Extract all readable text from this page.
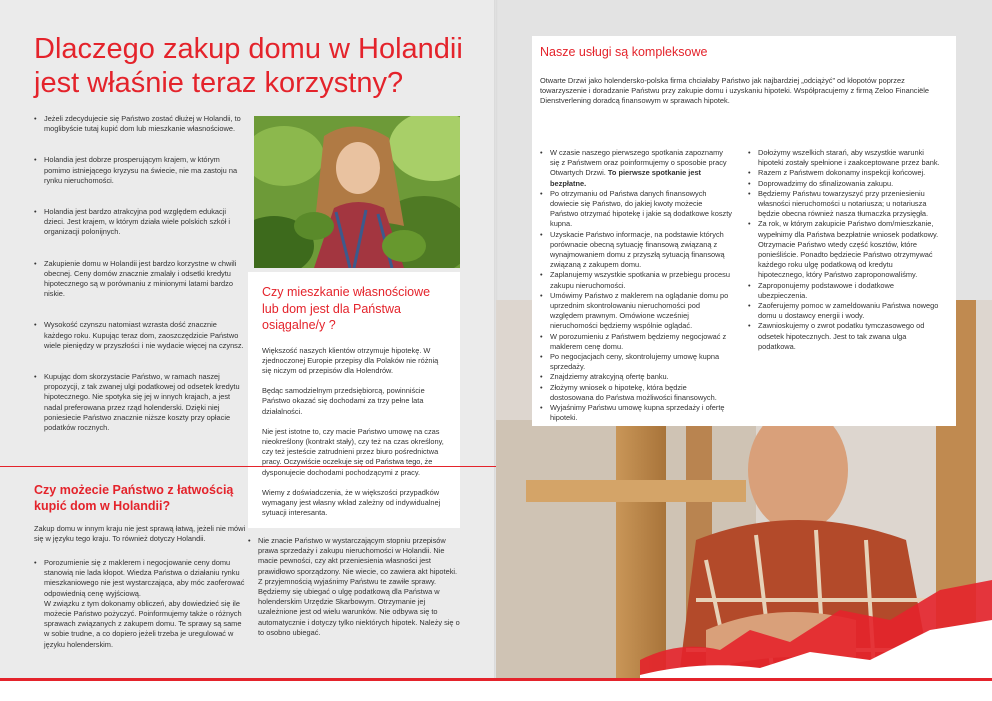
Dlaczego zakup domu w Holandii jest właśnie teraz korzystny?
• Jeżeli zdecydujecie się Państwo zostać dłużej w Holandii, to moglibyście tutaj kupić dom lub mieszkanie własnościowe.
• Holandia jest dobrze prosperującym krajem, w którym pomimo istniejącego kryzysu na świecie, nie ma zastoju na rynku nieruchomości.
• Holandia jest bardzo atrakcyjna pod względem edukacji dzieci. Jest krajem, w którym działa wiele polskich szkół i organizacji polonijnych.
• Zakupienie domu w Holandii jest bardzo korzystne w chwili obecnej. Ceny domów znacznie zmalały i odsetki kredytu hipotecznego są w porównaniu z minionymi latami bardzo niskie.
• Wysokość czynszu natomiast wzrasta dość znacznie każdego roku. Kupując teraz dom, zaoszczędzicie Państwo wiele pieniędzy w przyszłości i nie wydacie więcej na czynsz.
• Kupując dom skorzystacie Państwo, w ramach naszej propozycji, z tak zwanej ulgi podatkowej od odsetek kredytu hipotecznego. Nie spotyka się jej w innych krajach, a jest nadal preferowana przez rząd holenderski. Dzięki niej poniesiecie Państwo znacznie niższe koszty przy opłacie podatków rocznych.
Czy mieszkanie własnościowe lub dom jest dla Państwa osiągalne/y ?

Większość naszych klientów otrzymuje hipotekę. W zjednoczonej Europie przepisy dla Polaków nie różnią się niczym od przepisów dla Holendrów.

Będąc samodzielnym przedsiębiorcą, powinniście Państwo okazać się dochodami za trzy pełne lata działalności.

Nie jest istotne to, czy macie Państwo umowę na czas nieokreślony (kontrakt stały), czy też na czas określony, czy też jesteście zatrudnieni przez biuro pośrednictwa pracy. Oczywiście oczekuje się od Państwa tego, że dysponujecie dochodami pochodzącymi z pracy.

Wiemy z doświadczenia, że w większości przypadków wymagany jest własny wkład zależny od indywidualnej sytuacji interesanta.

Czy możecie Państwo z łatwością kupić dom w Holandii?

Zakup domu w innym kraju nie jest sprawą łatwą, jeżeli nie mówi się w języku tego kraju. To również dotyczy Holandii.

• Porozumienie się z maklerem i negocjowanie ceny domu stanowią nie lada kłopot. Wiedza Państwa o działaniu rynku mieszkaniowego nie jest wystarczająca, aby móc zaoferować odpowiednią cenę wyjściową.
W związku z tym dokonamy obliczeń, aby dowiedzieć się ile możecie Państwo pożyczyć. Poinformujemy także o różnych sprawach związanych z zakupem domu. Te sprawy są same w sobie trudne, a co dopiero jeżeli trzeba je uregulować w języku holenderskim.
• Nie znacie Państwo w wystarczającym stopniu przepisów prawa sprzedaży i zakupu nieruchomości w Holandii. Nie macie pewności, czy akt przeniesienia własności jest prawidłowo sporządzony. Nie wiecie, co zawiera akt hipoteki. Z przyjemnością wyjaśnimy Państwu te zawiłe sprawy.
Będziemy się ubiegać o ulgę podatkową dla Państwa w holenderskim Urzędzie Skarbowym. Otrzymanie jej uzależnione jest od wielu warunków. Nie odbywa się to automatycznie i dotyczy tylko niektórych hipotek. Należy się o to osobno ubiegać.
Nasze usługi są kompleksowe

Otwarte Drzwi jako holendersko-polska firma chciałaby Państwo jak najbardziej „odciążyć” od kłopotów poprzez towarzyszenie i doradzanie Państwu przy zakupie domu i uzyskaniu hipoteki. Współpracujemy z firmą Zeloo Financiële Dienstverlening doradcą finansowym w sprawach hipotek.

• W czasie naszego pierwszego spotkania zapoznamy się z Państwem oraz poinformujemy o sposobie pracy Otwartych Drzwi. To pierwsze spotkanie jest bezpłatne.
• Po otrzymaniu od Państwa danych finansowych dowiecie się Państwo, do jakiej kwoty możecie Państwo otrzymać hipotekę i jakie są dodatkowe koszty kupna.
• Uzyskacie Państwo informacje, na podstawie których porównacie obecną sytuację finansową związaną z wynajmowaniem domu z przyszłą sytuacją finansową związaną z zakupem domu.
• Zaplanujemy wszystkie spotkania w przebiegu procesu zakupu nieruchomości.
• Umówimy Państwo z maklerem na oglądanie domu po uprzednim skontrolowaniu nieruchomości pod względem prawnym. Omówione wcześniej nieruchomości będziemy wspólnie oglądać.
• W porozumieniu z Państwem będziemy negocjować z maklerem cenę domu.
• Po negocjacjach ceny, skontrolujemy umowę kupna sprzedaży.
• Znajdziemy atrakcyjną ofertę banku.
• Złożymy wniosek o hipotekę, która będzie dostosowana do Państwa możliwości finansowych.
• Wyjaśnimy Państwu umowę kupna sprzedaży i ofertę hipoteki.
• Dołożymy wszelkich starań, aby wszystkie warunki hipoteki zostały spełnione i zaakceptowane przez bank.
• Razem z Państwem dokonamy inspekcji końcowej.
• Doprowadzimy do sfinalizowania zakupu.
• Będziemy Państwu towarzyszyć przy przeniesieniu własności nieruchomości u notariusza; u notariusza będzie obecna również nasza tłumaczka przysięgła.
• Za rok, w którym zakupicie Państwo dom/mieszkanie, wypełnimy dla Państwa bezpłatnie wniosek podatkowy. Otrzymacie Państwo wtedy część kosztów, które ponieśliście. Ponadto będziecie Państwo otrzymywać każdego roku ulgę podatkową od kredytu hipotecznego, który Państwo zaproponowaliśmy.
• Zaproponujemy podstawowe i dodatkowe ubezpieczenia.
• Zaoferujemy pomoc w zameldowaniu Państwa nowego domu u dostawcy energii i wody.
• Zawnioskujemy o zwrot podatku tymczasowego od odsetek hipotecznych. Jest to tak zwana ulga podatkowa.
